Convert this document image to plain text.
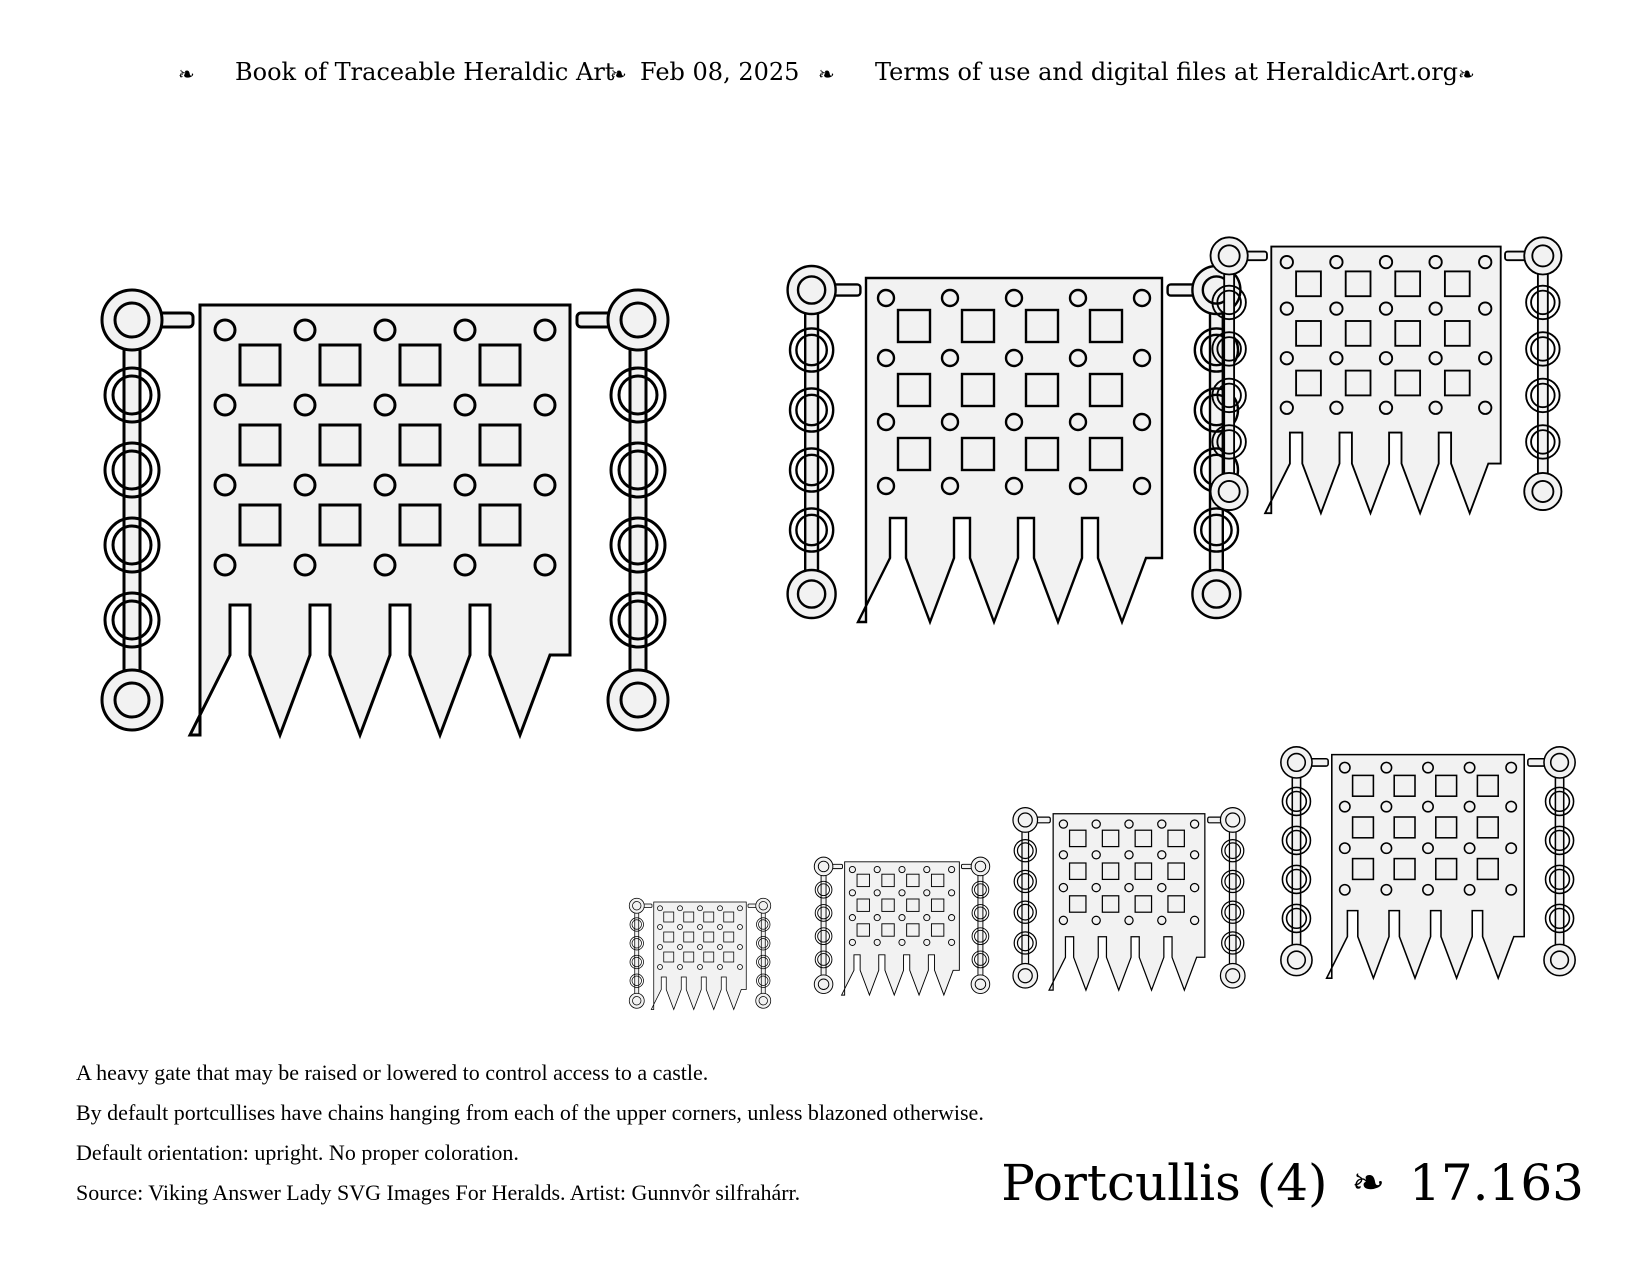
❧ Book of Traceable Heraldic Art
❧ Feb 08, 2025 ❧ Terms of use and digital files at HeraldicArt.org ❧
A heavy gate that may be raised or lowered to control access to a castle.
By default portcullises have chains hanging from each of the upper corners, unless blazoned otherwise.
Default orientation: upright. No proper coloration.
Source: Viking Answer Lady SVG Images For Heralds. Artist: Gunnvôr silfrahárr.	Portcullis (4) ❧ 17.163
